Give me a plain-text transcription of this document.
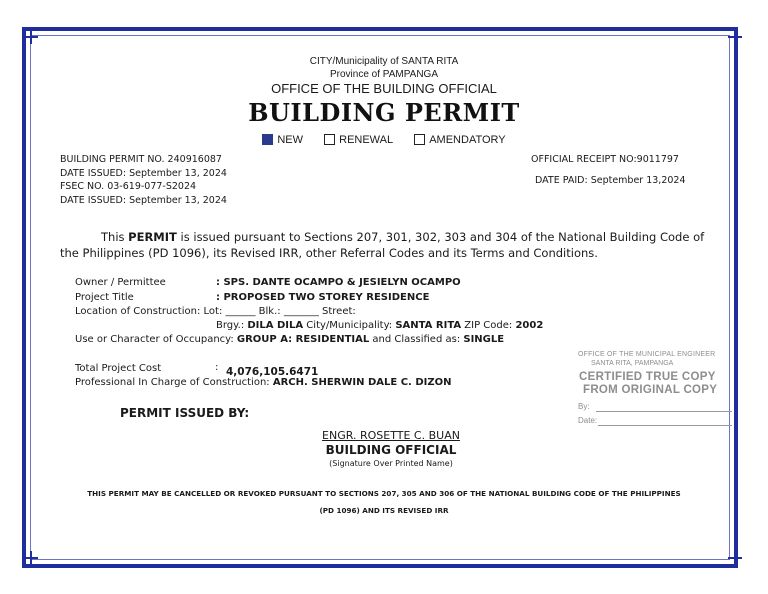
CITY/Municipality of SANTA RITA
Province of PAMPANGA
OFFICE OF THE BUILDING OFFICIAL
BUILDING PERMIT
NEW
	RENEWAL
	AMENDATORY
BUILDING PERMIT NO. 240916087
DATE ISSUED: September 13, 2024
FSEC NO. 03-619-077-S2024
DATE ISSUED: September 13, 2024
OFFICIAL RECEIPT NO:9011797
DATE PAID: September 13,2024
This PERMIT is issued pursuant to Sections 207, 301, 302, 303 and 304 of the National Building Code of
the Philippines (PD 1096), its Revised IRR, other Referral Codes and its Terms and Conditions.
Owner / Permittee	: SPS. DANTE OCAMPO & JESIELYN OCAMPO
Project Title	: PROPOSED TWO STOREY RESIDENCE
Location of Construction: Lot: ______ Blk.: _______ Street:
Brgy.: DILA DILA City/Municipality: SANTA RITA ZIP Code: 2002
Use or Character of Occupancy: GROUP A: RESIDENTIAL and Classified as: SINGLE
Total Project Cost	: 4,076,105.6471
Professional In Charge of Construction: ARCH. SHERWIN DALE C. DIZON
PERMIT ISSUED BY:
ENGR. ROSETTE C. BUAN
BUILDING OFFICIAL
(Signature Over Printed Name)
OFFICE OF THE MUNICIPAL ENGINEER
SANTA RITA, PAMPANGA
CERTIFIED TRUE COPY
FROM ORIGINAL COPY
By:
Date:
THIS PERMIT MAY BE CANCELLED OR REVOKED PURSUANT TO SECTIONS 207, 305 AND 306 OF THE NATIONAL BUILDING CODE OF THE PHILIPPINES
(PD 1096) AND ITS REVISED IRR
